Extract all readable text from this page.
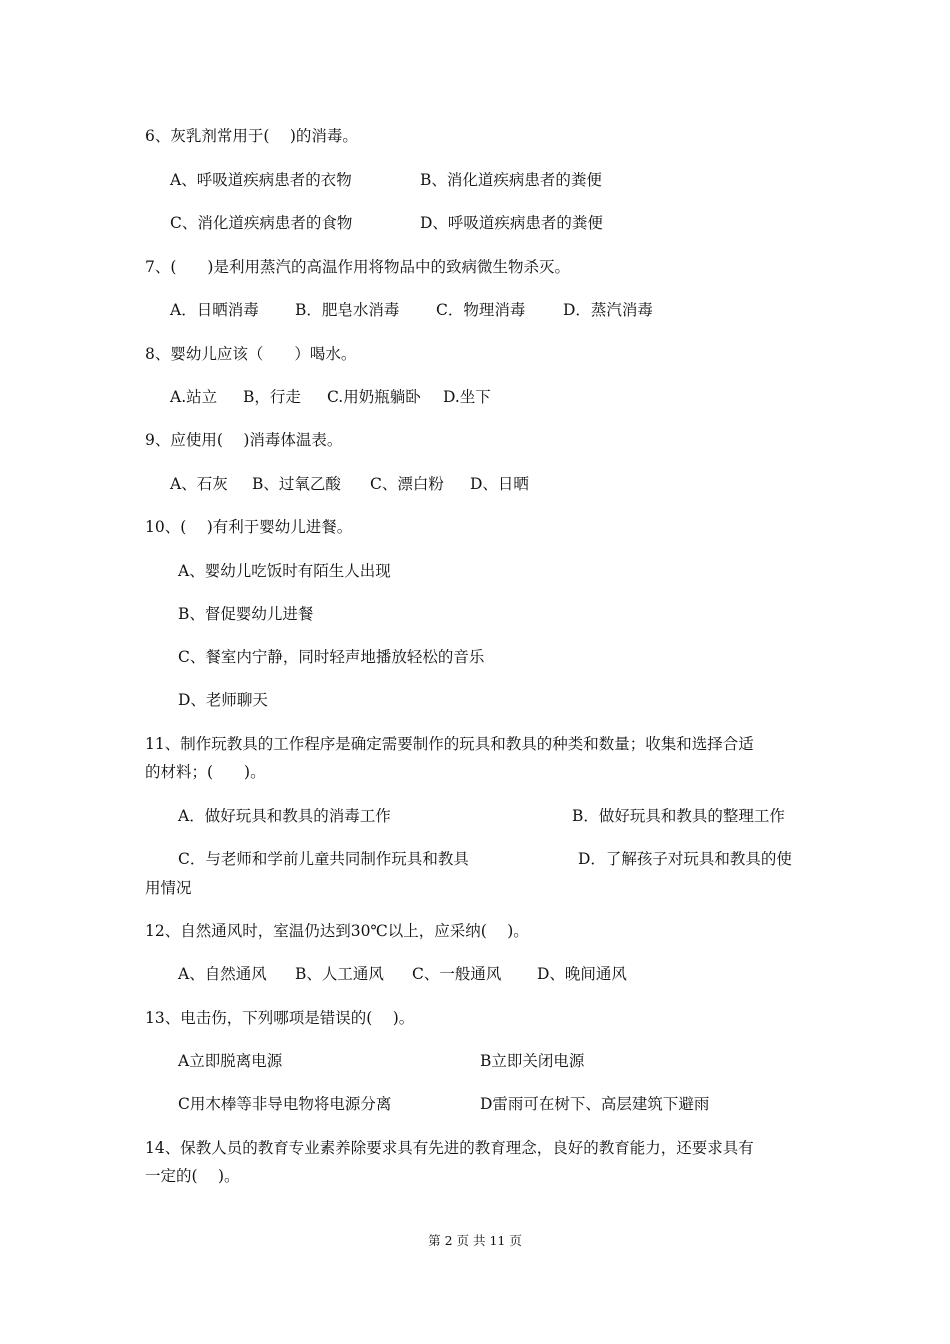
6、灰乳剂常用于(　 )的消毒。
A、呼吸道疾病患者的衣物	B、消化道疾病患者的粪便
C、消化道疾病患者的食物	D、呼吸道疾病患者的粪便
7、(　　)是利用蒸汽的高温作用将物品中的致病微生物杀灭。
A．日晒消毒 B．肥皂水消毒 C．物理消毒 D．蒸汽消毒
8、婴幼儿应该（　　）喝水。
A.站立 B，行走 C.用奶瓶躺卧 D.坐下
9、应使用(　 )消毒体温表。
A、石灰 B、过氧乙酸 C、漂白粉 D、日晒
10、(　 )有利于婴幼儿进餐。
A、婴幼儿吃饭时有陌生人出现
B、督促婴幼儿进餐
C、餐室内宁静，同时轻声地播放轻松的音乐
D、老师聊天
11、制作玩教具的工作程序是确定需要制作的玩具和教具的种类和数量；收集和选择合适
的材料；(　　)。
A．做好玩具和教具的消毒工作	B．做好玩具和教具的整理工作
C．与老师和学前儿童共同制作玩具和教具	D．了解孩子对玩具和教具的使
用情况
12、自然通风时，室温仍达到30℃以上，应采纳(　 )。
A、自然通风 B、人工通风 C、一般通风 D、晚间通风
13、电击伤，下列哪项是错误的(　 )。
A立即脱离电源	B立即关闭电源
C用木棒等非导电物将电源分离	D雷雨可在树下、高层建筑下避雨
14、保教人员的教育专业素养除要求具有先进的教育理念，良好的教育能力，还要求具有
一定的(　 )。
第 2 页 共 11 页
